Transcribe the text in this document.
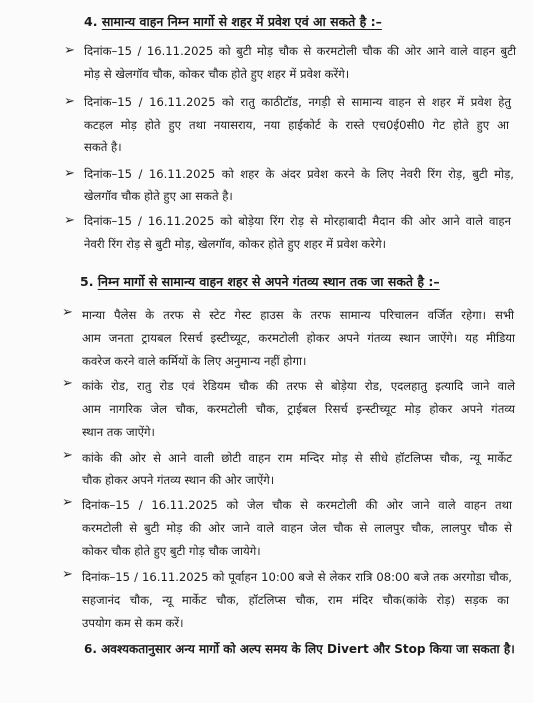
4. सामान्य वाहन निम्न मार्गो से शहर में प्रवेश एवं आ सकते है :–
➢ दिनांक–15 / 16.11.2025 को बुटी मोड़ चौक से करमटोली चौक की ओर आने वाले वाहन बुटी
मोड़ से खेलगॉव चौक, कोकर चौक होते हुए शहर में प्रवेश करेंगे।
➢ दिनांक–15 / 16.11.2025 को रातु काठीटॉड, नगड़ी से सामान्य वाहन से शहर में प्रवेश हेतु
कटहल मोड़ होते हुए तथा नयासराय, नया हाईकोर्ट के रास्ते एच0ई0सी0 गेट होते हुए आ
सकते है।
➢ दिनांक–15 / 16.11.2025 को शहर के अंदर प्रवेश करने के लिए नेवरी रिंग रोड़, बुटी मोड़,
खेलगॉव चौक होते हुए आ सकते है।
➢ दिनांक–15 / 16.11.2025 को बोड़ेया रिंग रोड़ से मोरहाबादी मैदान की ओर आने वाले वाहन
नेवरी रिंग रोड़ से बुटी मोड़, खेलगॉव, कोकर होते हुए शहर में प्रवेश करेगे।
5. निम्न मार्गो से सामान्य वाहन शहर से अपने गंतव्य स्थान तक जा सकते है :–
➢ मान्या पैलेस के तरफ से स्टेट गेस्ट हाउस के तरफ सामान्य परिचालन वर्जित रहेगा। सभी
आम जनता ट्रायबल रिसर्च इस्टीच्यूट, करमटोली होकर अपने गंतव्य स्थान जाऐंगे। यह मीडिया
कवरेज करने वाले कर्मियों के लिए अनुमान्य नहीं होगा।
➢ कांके रोड, रातु रोड एवं रेडियम चौक की तरफ से बोड़ेया रोड, एदलहातु इत्यादि जाने वाले
आम नागरिक जेल चौक, करमटोली चौक, ट्राईबल रिसर्च इन्स्टीच्यूट मोड़ होकर अपने गंतव्य
स्थान तक जाऐंगे।
➢ कांके की ओर से आने वाली छोटी वाहन राम मन्दिर मोड़ से सीधे हॉटलिप्स चौक, न्यू मार्केट
चौक होकर अपने गंतव्य स्थान की ओर जाऐंगे।
➢ दिनांक–15 / 16.11.2025 को जेल चौक से करमटोली की ओर जाने वाले वाहन तथा
करमटोली से बुटी मोड़ की ओर जाने वाले वाहन जेल चौक से लालपुर चौक, लालपुर चौक से
कोकर चौक होते हुए बुटी गोड़ चौक जायेगे।
➢ दिनांक–15 / 16.11.2025 को पूर्वाहन 10:00 बजे से लेकर रात्रि 08:00 बजे तक अरगोडा चौक,
सहजानंद चौक, न्यू मार्केट चौक, हॉटलिप्स चौक, राम मंदिर चौक(कांके रोड़) सड़क का
उपयोग कम से कम करें।
6. अवश्यकतानुसार अन्य मार्गो को अल्प समय के लिए Divert और Stop किया जा सकता है।
